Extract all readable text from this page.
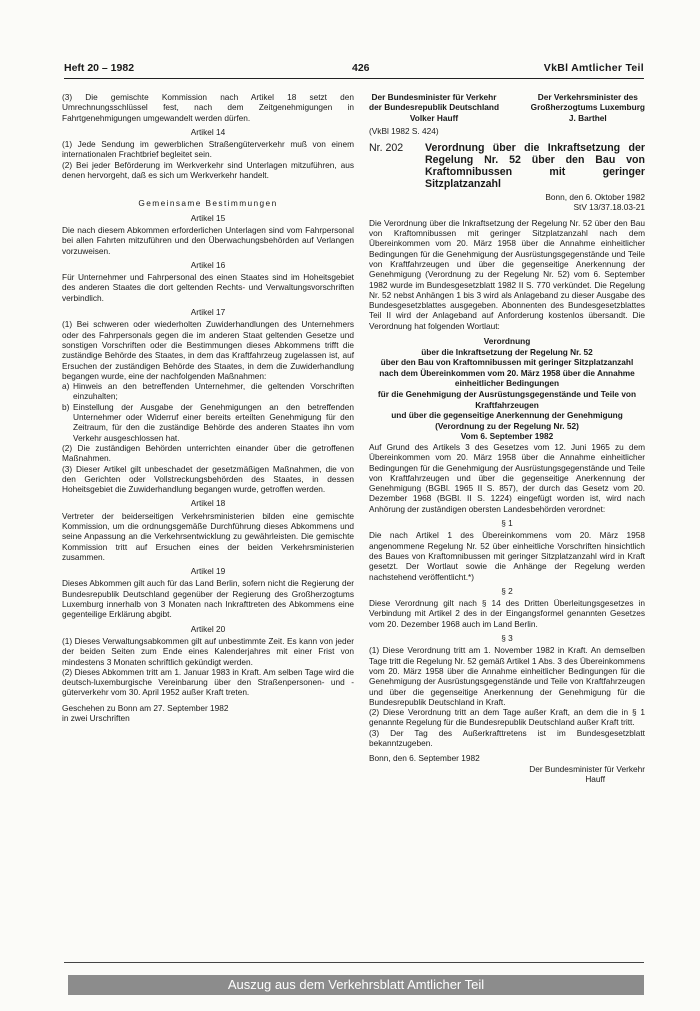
Heft 20 – 1982	426	VkBl Amtlicher Teil

(3) Die gemischte Kommission nach Artikel 18 setzt den Umrechnungsschlüssel fest, nach dem Zeitgenehmigungen in Fahrtgenehmigungen umgewandelt werden dürfen.

Artikel 14

(1) Jede Sendung im gewerblichen Straßengüterverkehr muß von einem internationalen Frachtbrief begleitet sein.

(2) Bei jeder Beförderung im Werkverkehr sind Unterlagen mitzuführen, aus denen hervorgeht, daß es sich um Werkverkehr handelt.

Gemeinsame Bestimmungen
Artikel 15

Die nach diesem Abkommen erforderlichen Unterlagen sind vom Fahrpersonal bei allen Fahrten mitzuführen und den Überwachungsbehörden auf Verlangen vorzuweisen.

Artikel 16

Für Unternehmer und Fahrpersonal des einen Staates sind im Hoheitsgebiet des anderen Staates die dort geltenden Rechts- und Verwaltungsvorschriften verbindlich.

Artikel 17

(1) Bei schweren oder wiederholten Zuwiderhandlungen des Unternehmers oder des Fahrpersonals gegen die im anderen Staat geltenden Gesetze und sonstigen Vorschriften oder die Bestimmungen dieses Abkommens trifft die zuständige Behörde des Staates, in dem das Kraftfahrzeug zugelassen ist, auf Ersuchen der zuständigen Behörde des Staates, in dem die Zuwiderhandlung begangen wurde, eine der nachfolgenden Maßnahmen:

a) Hinweis an den betreffenden Unternehmer, die geltenden Vorschriften einzuhalten;
b) Einstellung der Ausgabe der Genehmigungen an den betreffenden Unternehmer oder Widerruf einer bereits erteilten Genehmigung für den Zeitraum, für den die zuständige Behörde des anderen Staates ihn vom Verkehr ausgeschlossen hat.

(2) Die zuständigen Behörden unterrichten einander über die getroffenen Maßnahmen.

(3) Dieser Artikel gilt unbeschadet der gesetzmäßigen Maßnahmen, die von den Gerichten oder Vollstreckungsbehörden des Staates, in dessen Hoheitsgebiet die Zuwiderhandlung begangen wurde, getroffen werden.

Artikel 18

Vertreter der beiderseitigen Verkehrsministerien bilden eine gemischte Kommission, um die ordnungsgemäße Durchführung dieses Abkommens und seine Anpassung an die Verkehrsentwicklung zu gewährleisten. Die gemischte Kommission tritt auf Ersuchen eines der beiden Verkehrsministerien zusammen.

Artikel 19

Dieses Abkommen gilt auch für das Land Berlin, sofern nicht die Regierung der Bundesrepublik Deutschland gegenüber der Regierung des Großherzogtums Luxemburg innerhalb von 3 Monaten nach Inkrafttreten des Abkommens eine gegenteilige Erklärung abgibt.

Artikel 20

(1) Dieses Verwaltungsabkommen gilt auf unbestimmte Zeit. Es kann von jeder der beiden Seiten zum Ende eines Kalenderjahres mit einer Frist von mindestens 3 Monaten schriftlich gekündigt werden.

(2) Dieses Abkommen tritt am 1. Januar 1983 in Kraft. Am selben Tage wird die deutsch-luxemburgische Vereinbarung über den Straßenpersonen- und -güterverkehr vom 30. April 1952 außer Kraft treten.

Geschehen zu Bonn am 27. September 1982

in zwei Urschriften

Der Bundesminister für Verkehr
der Bundesrepublik Deutschland
Volker Hauff
Der Verkehrsminister des
Großherzogtums Luxemburg
J. Barthel

(VkBl 1982 S. 424)

Nr. 202	Verordnung über die Inkraftsetzung der Regelung Nr. 52 über den Bau von Kraftomnibussen mit geringer Sitzplatzanzahl

Bonn, den 6. Oktober 1982

StV 13/37.18.03-21

Die Verordnung über die Inkraftsetzung der Regelung Nr. 52 über den Bau von Kraftomnibussen mit geringer Sitzplatzanzahl nach dem Übereinkommen vom 20. März 1958 über die Annahme einheitlicher Bedingungen für die Genehmigung der Ausrüstungsgegenstände und Teile von Kraftfahrzeugen und über die gegenseitige Anerkennung der Genehmigung (Verordnung zu der Regelung Nr. 52) vom 6. September 1982 wurde im Bundesgesetzblatt 1982 II S. 770 verkündet. Die Regelung Nr. 52 nebst Anhängen 1 bis 3 wird als Anlageband zu dieser Ausgabe des Bundesgesetzblattes ausgegeben. Abonnenten des Bundesgesetzblattes Teil II wird der Anlageband auf Anforderung kostenlos übersandt. Die Verordnung hat folgenden Wortlaut:

Verordnung
über die Inkraftsetzung der Regelung Nr. 52
über den Bau von Kraftomnibussen mit geringer Sitzplatzanzahl
nach dem Übereinkommen vom 20. März 1958 über die Annahme einheitlicher Bedingungen
für die Genehmigung der Ausrüstungsgegenstände und Teile von Kraftfahrzeugen
und über die gegenseitige Anerkennung der Genehmigung
(Verordnung zu der Regelung Nr. 52)
Vom 6. September 1982

Auf Grund des Artikels 3 des Gesetzes vom 12. Juni 1965 zu dem Übereinkommen vom 20. März 1958 über die Annahme einheitlicher Bedingungen für die Genehmigung der Ausrüstungsgegenstände und Teile von Kraftfahrzeugen und über die gegenseitige Anerkennung der Genehmigung (BGBl. 1965 II S. 857), der durch das Gesetz vom 20. Dezember 1968 (BGBl. II S. 1224) eingefügt worden ist, wird nach Anhörung der zuständigen obersten Landesbehörden verordnet:

§ 1

Die nach Artikel 1 des Übereinkommens vom 20. März 1958 angenommene Regelung Nr. 52 über einheitliche Vorschriften hinsichtlich des Baues von Kraftomnibussen mit geringer Sitzplatzanzahl wird in Kraft gesetzt. Der Wortlaut sowie die Anhänge der Regelung werden nachstehend veröffentlicht.*)

§ 2

Diese Verordnung gilt nach § 14 des Dritten Überleitungsgesetzes in Verbindung mit Artikel 2 des in der Eingangsformel genannten Gesetzes vom 20. Dezember 1968 auch im Land Berlin.

§ 3

(1) Diese Verordnung tritt am 1. November 1982 in Kraft. An demselben Tage tritt die Regelung Nr. 52 gemäß Artikel 1 Abs. 3 des Übereinkommens vom 20. März 1958 über die Annahme einheitlicher Bedingungen für die Genehmigung der Ausrüstungsgegenstände und Teile von Kraftfahrzeugen und über die gegenseitige Anerkennung der Genehmigung für die Bundesrepublik Deutschland in Kraft.

(2) Diese Verordnung tritt an dem Tage außer Kraft, an dem die in § 1 genannte Regelung für die Bundesrepublik Deutschland außer Kraft tritt.

(3) Der Tag des Außerkrafttretens ist im Bundesgesetzblatt bekanntzugeben.

Bonn, den 6. September 1982

Der Bundesminister für Verkehr

Hauff

Auszug aus dem Verkehrsblatt Amtlicher Teil
